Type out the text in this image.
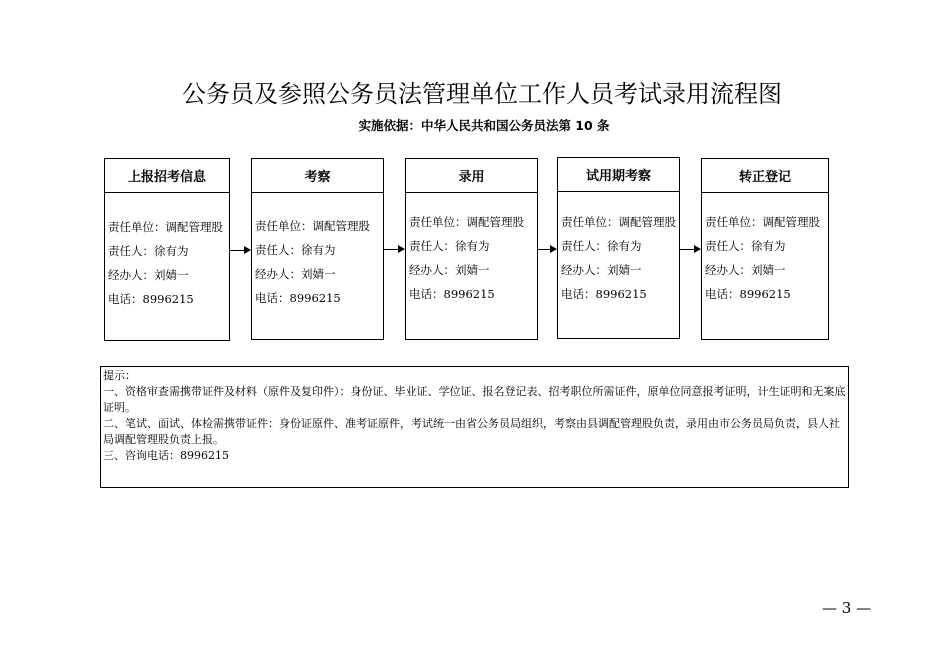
公务员及参照公务员法管理单位工作人员考试录用流程图
实施依据：中华人民共和国公务员法第 10 条
上报招考信息
责任单位：调配管理股
责任人：徐有为
经办人：刘婧一
电话：8996215
考察
责任单位：调配管理股
责任人：徐有为
经办人：刘婧一
电话：8996215
录用
责任单位：调配管理股
责任人：徐有为
经办人：刘婧一
电话：8996215
试用期考察
责任单位：调配管理股
责任人：徐有为
经办人：刘婧一
电话：8996215
转正登记
责任单位：调配管理股
责任人：徐有为
经办人：刘婧一
电话：8996215
提示：
一、资格审查需携带证件及材料（原件及复印件）：身份证、毕业证、学位证、报名登记表、招考职位所需证件，原单位同意报考证明，计生证明和无案底证明。
二、笔试、面试、体检需携带证件：身份证原件、准考证原件，考试统一由省公务员局组织，考察由县调配管理股负责，录用由市公务员局负责，县人社局调配管理股负责上报。
三、咨询电话：8996215
— 3 —
